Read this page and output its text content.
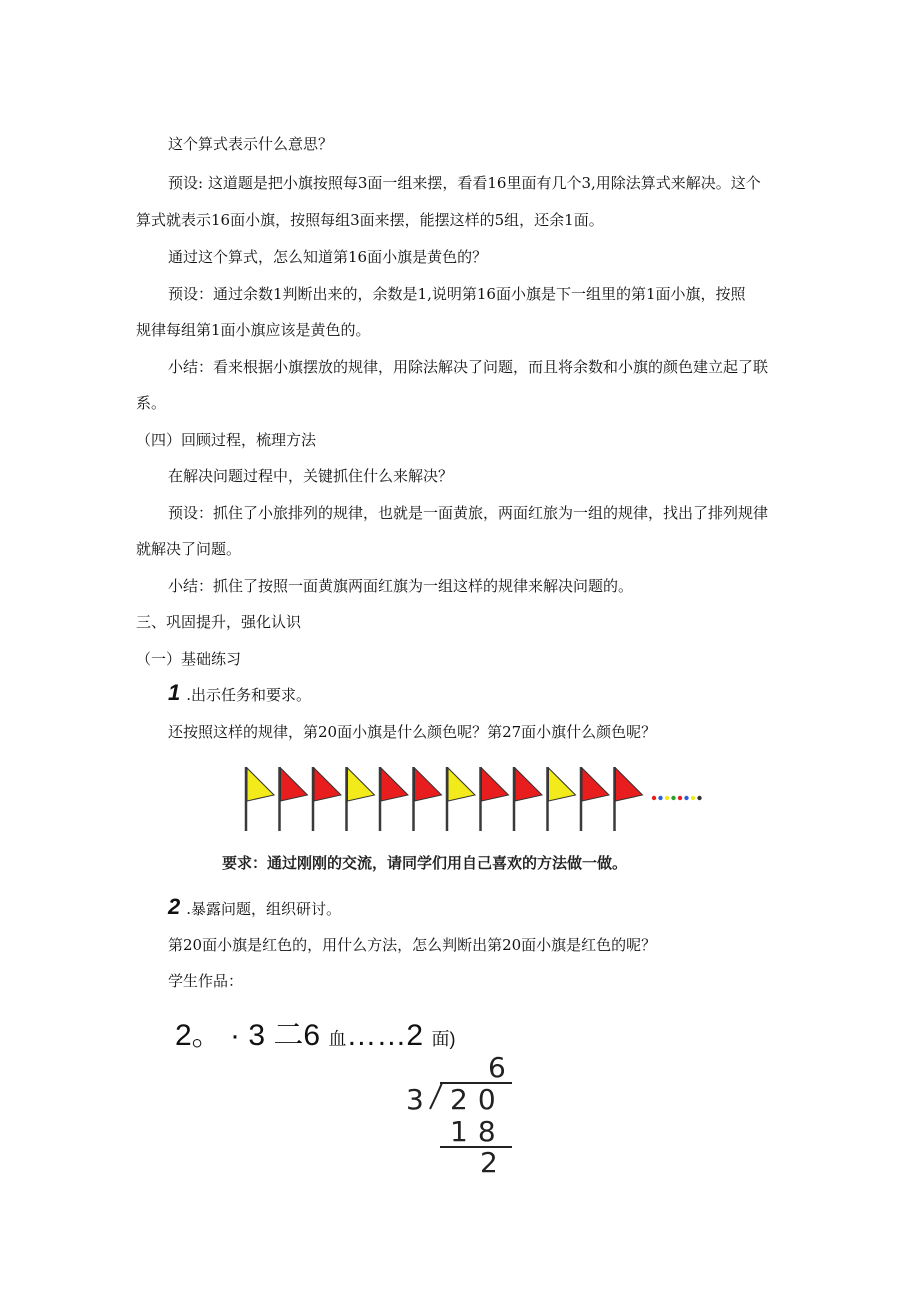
这个算式表示什么意思？
预设: 这道题是把小旗按照每3面一组来摆，看看16里面有几个3,用除法算式来解决。这个
算式就表示16面小旗，按照每组3面来摆，能摆这样的5组，还余1面。
通过这个算式，怎么知道第16面小旗是黄色的？
预设：通过余数1判断出来的，余数是1,说明第16面小旗是下一组里的第1面小旗，按照
规律每组第1面小旗应该是黄色的。
小结：看来根据小旗摆放的规律，用除法解决了问题，而且将余数和小旗的颜色建立起了联
系。
（四）回顾过程，梳理方法
在解决问题过程中，关键抓住什么来解决？
预设：抓住了小旅排列的规律，也就是一面黄旅，两面红旅为一组的规律，找出了排列规律
就解决了问题。
小结：抓住了按照一面黄旗两面红旗为一组这样的规律来解决问题的。
三、巩固提升，强化认识
（一）基础练习
1 .出示任务和要求。
还按照这样的规律，第20面小旗是什么颜色呢？第27面小旗什么颜色呢？
要求：通过刚刚的交流，请同学们用自己喜欢的方法做一做。
2 .暴露问题，组织研讨。
第20面小旗是红色的，用什么方法，怎么判断出第20面小旗是红色的呢？
学生作品：
2。 · 3 二6 血……2 面)
6
3 20
18
2
